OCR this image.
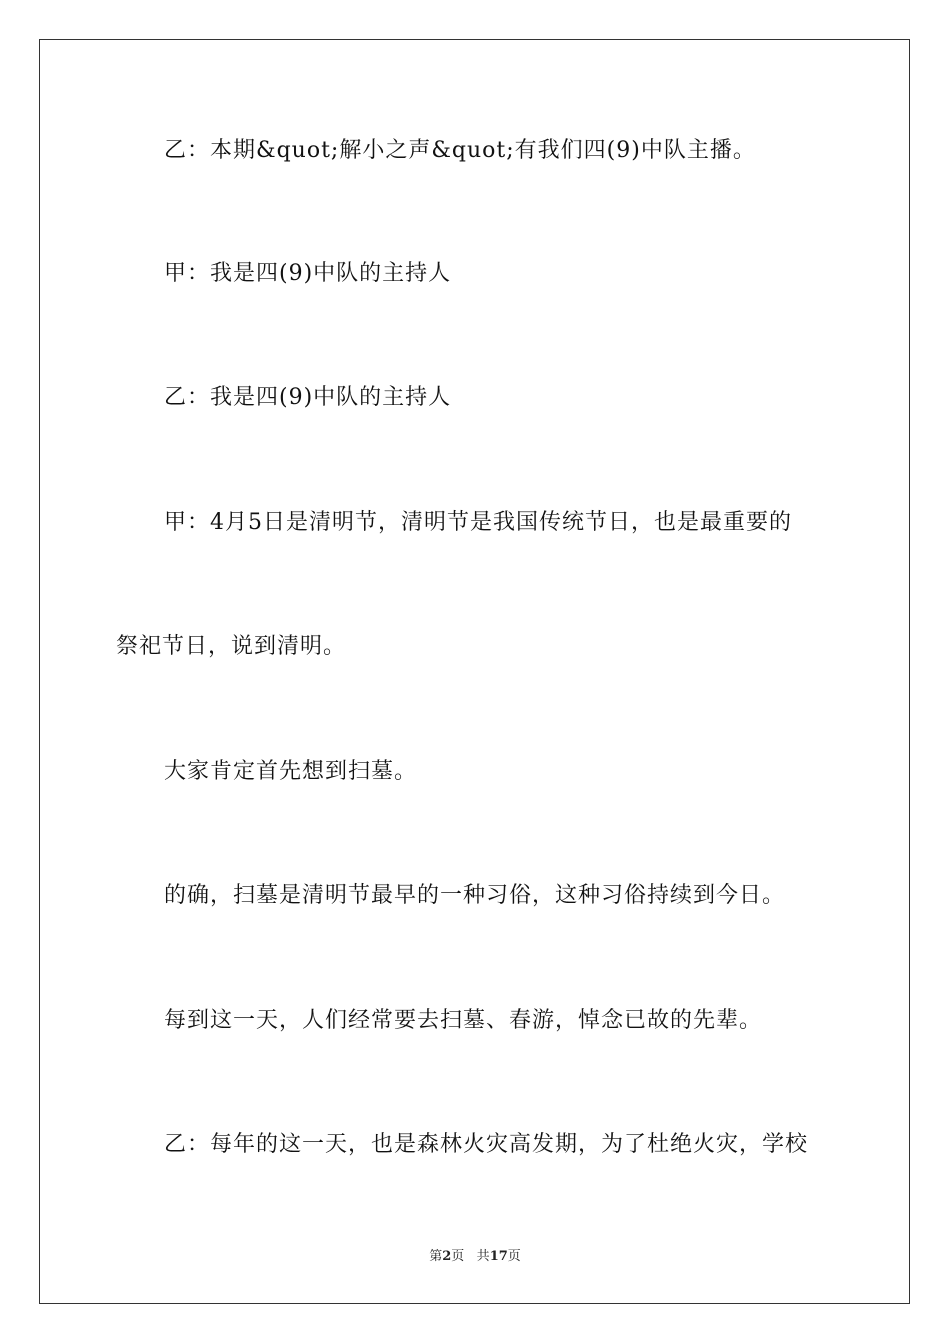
乙：本期&quot;解小之声&quot;有我们四(9)中队主播。
甲：我是四(9)中队的主持人
乙：我是四(9)中队的主持人
甲：4月5日是清明节，清明节是我国传统节日，也是最重要的
祭祀节日，说到清明。
大家肯定首先想到扫墓。
的确，扫墓是清明节最早的一种习俗，这种习俗持续到今日。
每到这一天，人们经常要去扫墓、春游，悼念已故的先辈。
乙：每年的这一天，也是森林火灾高发期，为了杜绝火灾，学校
第2页 共17页
